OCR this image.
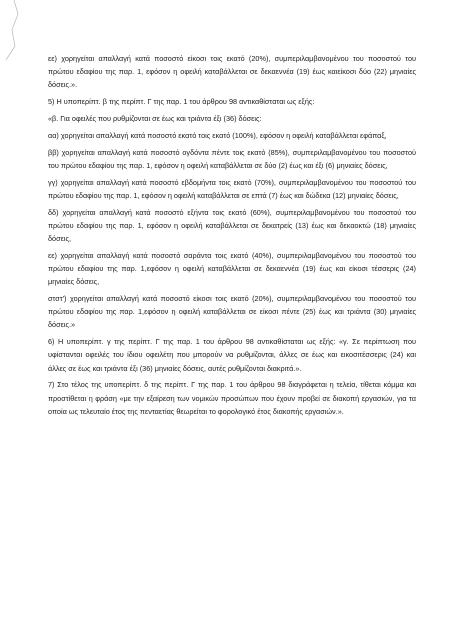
εε) χορηγείται απαλλαγή κατά ποσοστό είκοσι τοις εκατό (20%), συμπεριλαμβανομένου του ποσοστού του πρώτου εδαφίου της παρ. 1, εφόσον η οφειλή καταβάλλεται σε δεκαεννέα (19) έως καιείκοσι δύο (22) μηνιαίες δόσεις.».

5) Η υποπερίπτ. β της περίπτ. Γ της παρ. 1 του άρθρου 98 αντικαθίσταται ως εξής:

«β. Για οφειλές που ρυθμίζονται σε έως και τριάντα έξι (36) δόσεις:

αα) χορηγείται απαλλαγή κατά ποσοστό εκατό τοις εκατό (100%), εφόσον η οφειλή καταβάλλεται εφάπαξ,

ββ) χορηγείται απαλλαγή κατά ποσοστό ογδόντα πέντε τοις εκατό (85%), συμπεριλαμβανομένου του ποσοστού του πρώτου εδαφίου της παρ. 1, εφόσον η οφειλή καταβάλλεται σε δύο (2) έως και έξι (6) μηνιαίες δόσεις,

γγ) χορηγείται απαλλαγή κατά ποσοστό εβδομήντα τοις εκατό (70%), συμπεριλαμβανομένου του ποσοστού του πρώτου εδαφίου της παρ. 1, εφόσον η οφειλή καταβάλλεται σε επτά (7) έως και δώδεκα (12) μηνιαίες δόσεις,

δδ) χορηγείται απαλλαγή κατά ποσοστό εξήντα τοις εκατό (60%), συμπεριλαμβανομένου του ποσοστού του πρώτου εδαφίου της παρ. 1, εφόσον η οφειλή καταβάλλεται σε δεκατρείς (13) έως και δεκαοκτώ (18) μηνιαίες δόσεις,

εε) χορηγείται απαλλαγή κατά ποσοστό σαράντα τοις εκατό (40%), συμπεριλαμβανομένου του ποσοστού του πρώτου εδαφίου της παρ. 1,εφόσον η οφειλή καταβάλλεται σε δεκαεννέα (19) έως και είκοσι τέσσερις (24) μηνιαίες δόσεις,

στστ') χορηγείται απαλλαγή κατά ποσοστό είκοσι τοις εκατό (20%), συμπεριλαμβανομένου του ποσοστού του πρώτου εδαφίου της παρ. 1,εφόσον η οφειλή καταβάλλεται σε είκοσι πέντε (25) έως και τριάντα (30) μηνιαίες δόσεις.»

6) Η υποπερίπτ. γ της περίπτ. Γ της παρ. 1 του άρθρου 98 αντικαθίσταται ως εξής: «γ. Σε περίπτωση που υφίστανται οφειλές του ίδιου οφειλέτη που μπορούν να ρυθμίζονται, άλλες σε έως και εικοσιτέσσερις (24) και άλλες σε έως και τριάντα έξι (36) μηνιαίες δόσεις, αυτές ρυθμίζονται διακριτά.».

7) Στο τέλος της υποπερίπτ. δ της περίπτ. Γ της παρ. 1 του άρθρου 98 διαγράφεται η τελεία, τίθεται κόμμα και προστίθεται η φράση «με την εξαίρεση των νομικών προσώπων που έχουν προβεί σε διακοπή εργασιών, για τα οποία ως τελευταίο έτος της πενταετίας θεωρείται το φορολογικό έτος διακοπής εργασιών.».
